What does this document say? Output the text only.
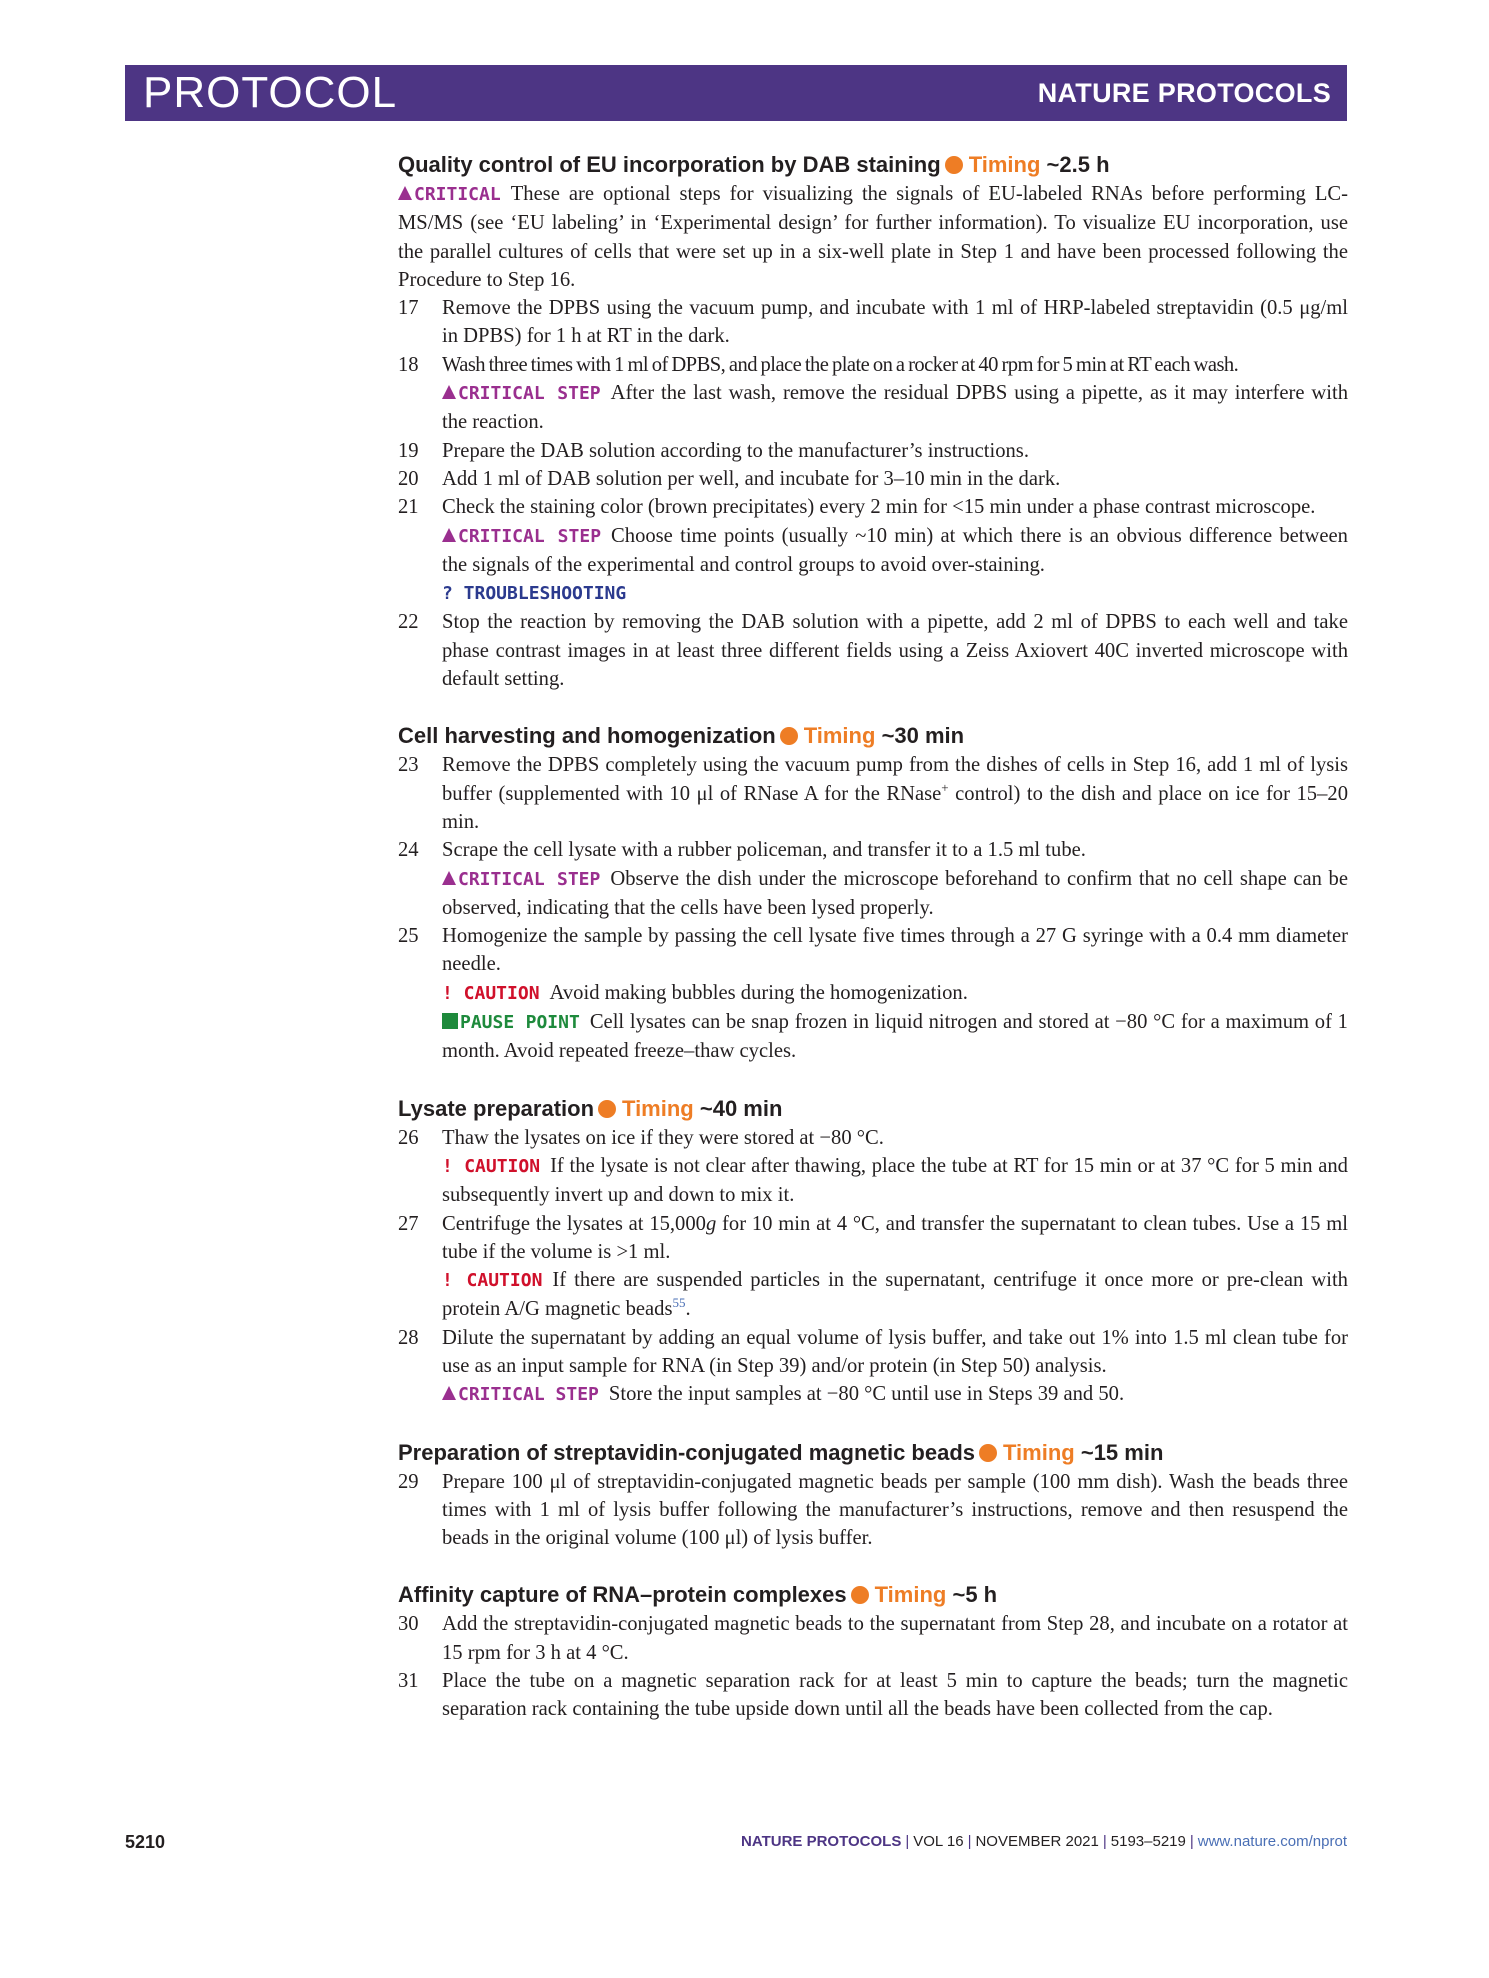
PROTOCOL	NATURE PROTOCOLS
Quality control of EU incorporation by DAB staining Timing ~2.5 h
CRITICAL These are optional steps for visualizing the signals of EU-labeled RNAs before performing LC-MS/MS (see ‘EU labeling’ in ‘Experimental design’ for further information). To visualize EU incorporation, use the parallel cultures of cells that were set up in a six-well plate in Step 1 and have been processed following the Procedure to Step 16.
17	Remove the DPBS using the vacuum pump, and incubate with 1 ml of HRP-labeled streptavidin (0.5 μg/ml in DPBS) for 1 h at RT in the dark.

18	Wash three times with 1 ml of DPBS, and place the plate on a rocker at 40 rpm for 5 min at RT each wash.

CRITICAL STEP After the last wash, remove the residual DPBS using a pipette, as it may interfere with the reaction.

19	Prepare the DAB solution according to the manufacturer’s instructions.

20	Add 1 ml of DAB solution per well, and incubate for 3–10 min in the dark.

21	Check the staining color (brown precipitates) every 2 min for <15 min under a phase contrast microscope.

CRITICAL STEP Choose time points (usually ~10 min) at which there is an obvious difference between the signals of the experimental and control groups to avoid over-staining.

? TROUBLESHOOTING

22	Stop the reaction by removing the DAB solution with a pipette, add 2 ml of DPBS to each well and take phase contrast images in at least three different fields using a Zeiss Axiovert 40C inverted microscope with default setting.

Cell harvesting and homogenization Timing ~30 min
23	Remove the DPBS completely using the vacuum pump from the dishes of cells in Step 16, add 1 ml of lysis buffer (supplemented with 10 μl of RNase A for the RNase+ control) to the dish and place on ice for 15–20 min.

24	Scrape the cell lysate with a rubber policeman, and transfer it to a 1.5 ml tube.

CRITICAL STEP Observe the dish under the microscope beforehand to confirm that no cell shape can be observed, indicating that the cells have been lysed properly.

25	Homogenize the sample by passing the cell lysate five times through a 27 G syringe with a 0.4 mm diameter needle.

! CAUTION Avoid making bubbles during the homogenization.

PAUSE POINT Cell lysates can be snap frozen in liquid nitrogen and stored at −80 °C for a maximum of 1 month. Avoid repeated freeze–thaw cycles.

Lysate preparation Timing ~40 min
26	Thaw the lysates on ice if they were stored at −80 °C.

! CAUTION If the lysate is not clear after thawing, place the tube at RT for 15 min or at 37 °C for 5 min and subsequently invert up and down to mix it.

27	Centrifuge the lysates at 15,000g for 10 min at 4 °C, and transfer the supernatant to clean tubes. Use a 15 ml tube if the volume is >1 ml.

! CAUTION If there are suspended particles in the supernatant, centrifuge it once more or pre-clean with protein A/G magnetic beads$^{55}$.

28	Dilute the supernatant by adding an equal volume of lysis buffer, and take out 1% into 1.5 ml clean tube for use as an input sample for RNA (in Step 39) and/or protein (in Step 50) analysis.

CRITICAL STEP Store the input samples at −80 °C until use in Steps 39 and 50.

Preparation of streptavidin-conjugated magnetic beads Timing ~15 min
29	Prepare 100 μl of streptavidin-conjugated magnetic beads per sample (100 mm dish). Wash the beads three times with 1 ml of lysis buffer following the manufacturer’s instructions, remove and then resuspend the beads in the original volume (100 μl) of lysis buffer.

Affinity capture of RNA–protein complexes Timing ~5 h
30	Add the streptavidin-conjugated magnetic beads to the supernatant from Step 28, and incubate on a rotator at 15 rpm for 3 h at 4 °C.

31	Place the tube on a magnetic separation rack for at least 5 min to capture the beads; turn the magnetic separation rack containing the tube upside down until all the beads have been collected from the cap.

5210	NATURE PROTOCOLS | VOL 16 | NOVEMBER 2021 | 5193–5219 | www.nature.com/nprot
